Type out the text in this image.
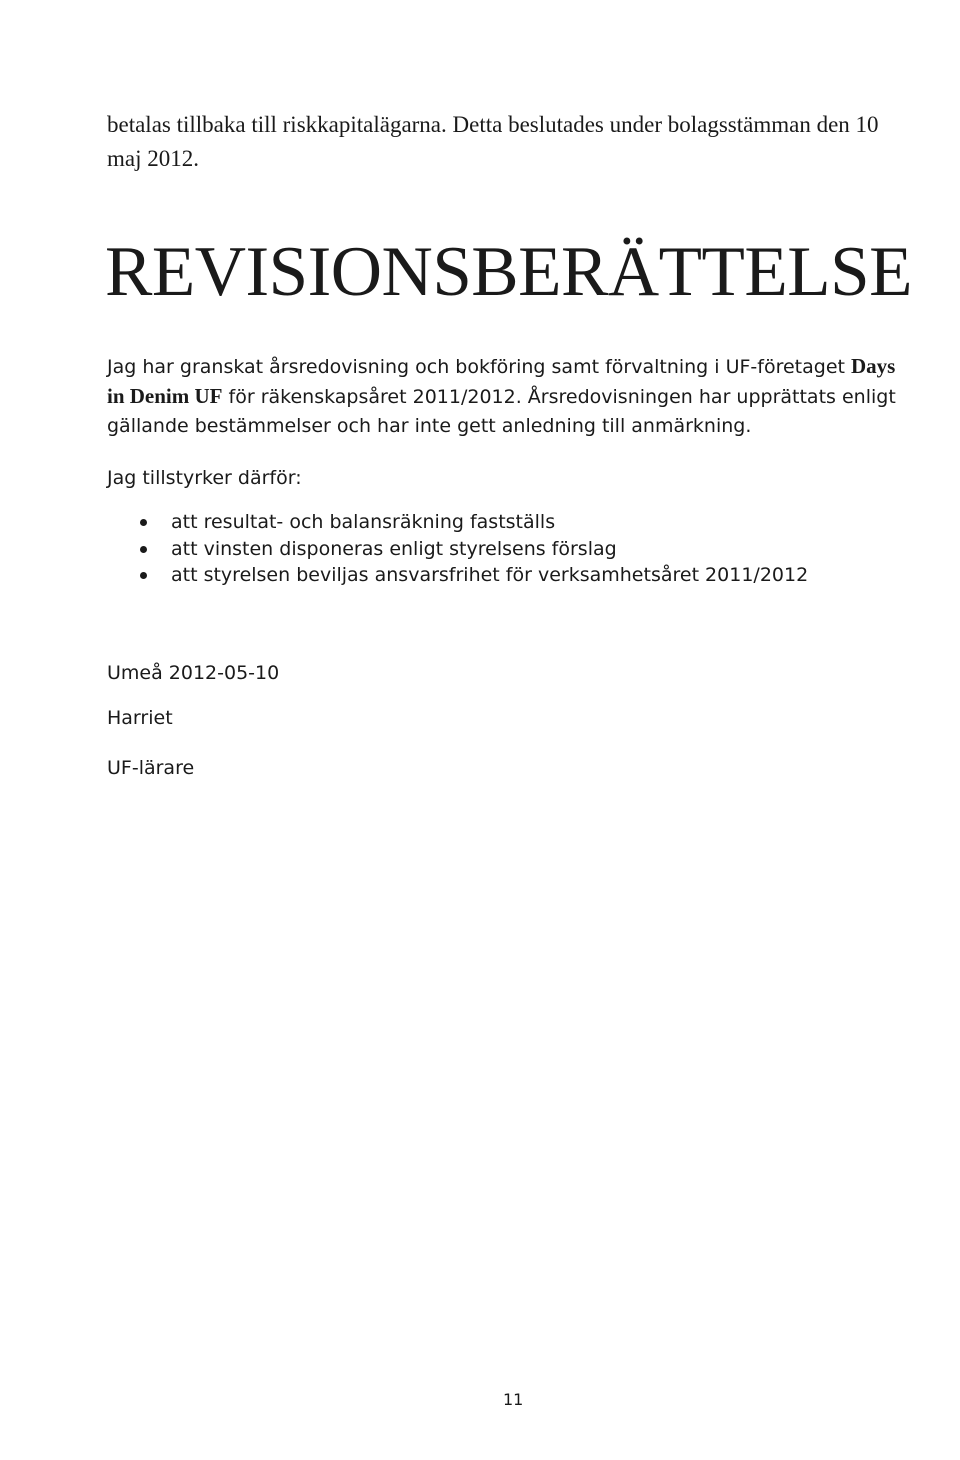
betalas tillbaka till riskkapitalägarna. Detta beslutades under bolagsstämman den 10
maj 2012.

REVISIONSBERÄTTELSE

Jag har granskat årsredovisning och bokföring samt förvaltning i UF-företaget Days in Denim UF för räkenskapsåret 2011/2012. Årsredovisningen har upprättats enligt gällande bestämmelser och har inte gett anledning till anmärkning.

Jag tillstyrker därför:

att resultat- och balansräkning fastställs
att vinsten disponeras enligt styrelsens förslag
att styrelsen beviljas ansvarsfrihet för verksamhetsåret 2011/2012

Umeå 2012-05-10

Harriet

UF-lärare

11
